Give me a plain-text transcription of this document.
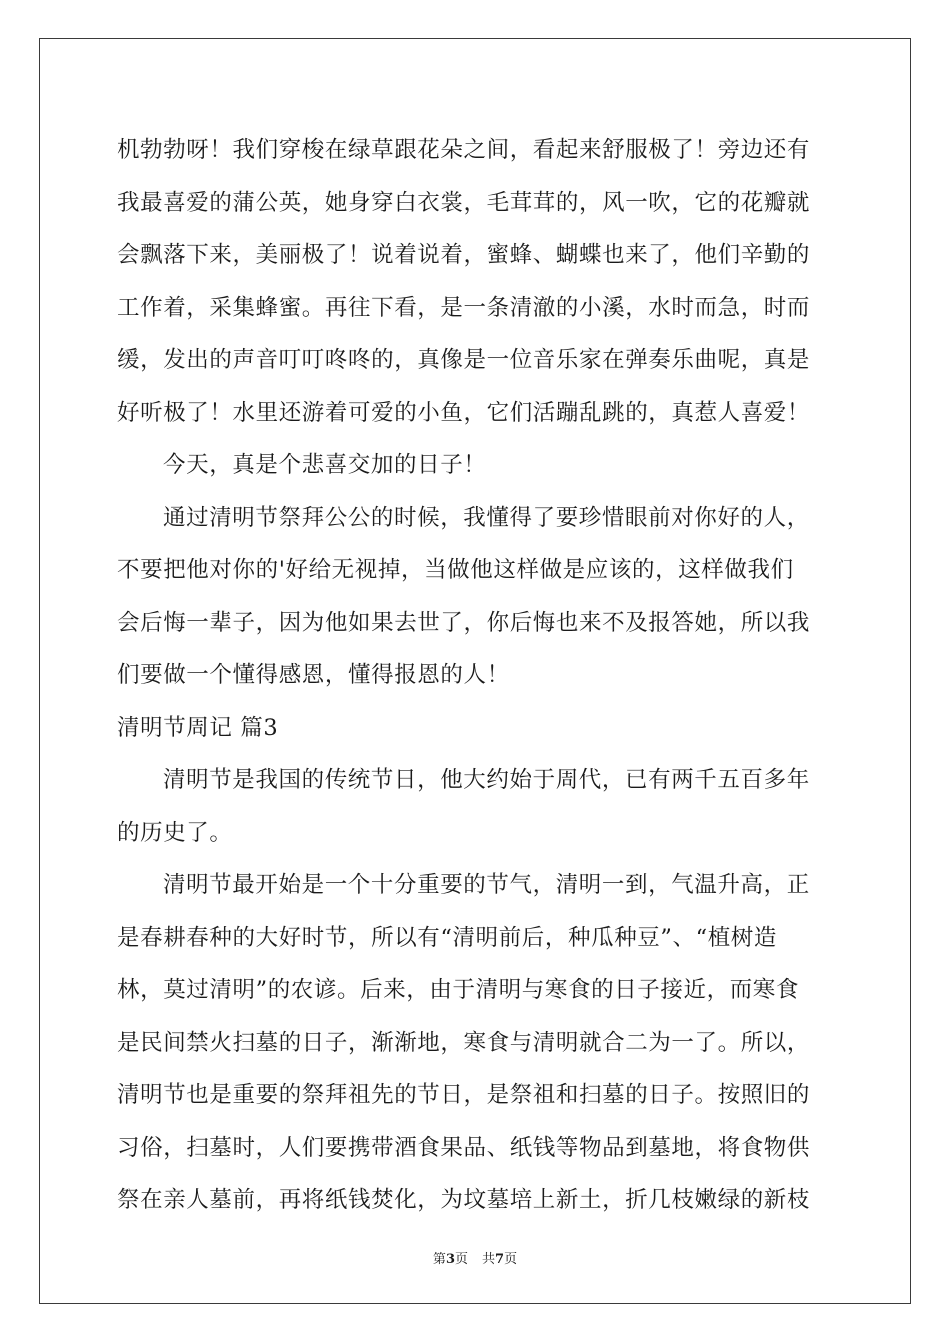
机勃勃呀！我们穿梭在绿草跟花朵之间，看起来舒服极了！旁边还有
我最喜爱的蒲公英，她身穿白衣裳，毛茸茸的，风一吹，它的花瓣就
会飘落下来，美丽极了！说着说着，蜜蜂、蝴蝶也来了，他们辛勤的
工作着，采集蜂蜜。再往下看，是一条清澈的小溪，水时而急，时而
缓，发出的声音叮叮咚咚的，真像是一位音乐家在弹奏乐曲呢，真是
好听极了！水里还游着可爱的小鱼，它们活蹦乱跳的，真惹人喜爱！
今天，真是个悲喜交加的日子！
通过清明节祭拜公公的时候，我懂得了要珍惜眼前对你好的人，
不要把他对你的'好给无视掉，当做他这样做是应该的，这样做我们
会后悔一辈子，因为他如果去世了，你后悔也来不及报答她，所以我
们要做一个懂得感恩，懂得报恩的人！
清明节周记 篇3
清明节是我国的传统节日，他大约始于周代，已有两千五百多年
的历史了。
清明节最开始是一个十分重要的节气，清明一到，气温升高，正
是春耕春种的大好时节，所以有“清明前后，种瓜种豆”、“植树造
林，莫过清明”的农谚。后来，由于清明与寒食的日子接近，而寒食
是民间禁火扫墓的日子，渐渐地，寒食与清明就合二为一了。所以，
清明节也是重要的祭拜祖先的节日，是祭祖和扫墓的日子。按照旧的
习俗，扫墓时，人们要携带酒食果品、纸钱等物品到墓地，将食物供
祭在亲人墓前，再将纸钱焚化，为坟墓培上新土，折几枝嫩绿的新枝
第3页 共7页
